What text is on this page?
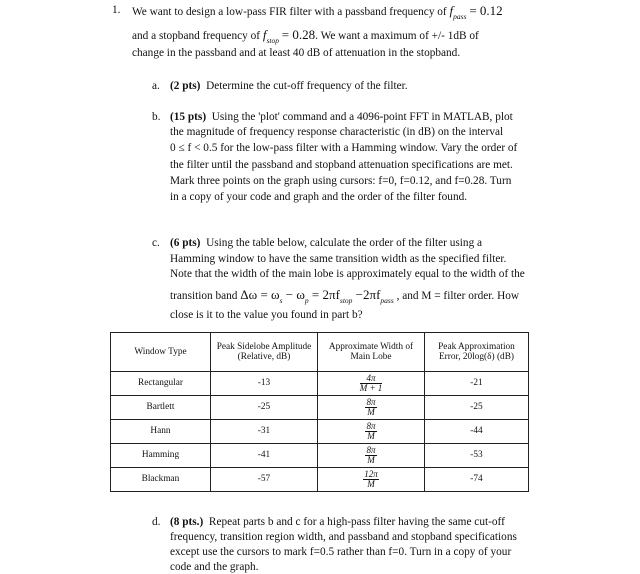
1. We want to design a low-pass FIR filter with a passband frequency of $f_{pass} = 0.12$
and a stopband frequency of $f_{stop} = 0.28$. We want a maximum of +/- 1dB of
change in the passband and at least 40 dB of attenuation in the stopband.
a. (2 pts) Determine the cut-off frequency of the filter.
b. (15 pts) Using the 'plot' command and a 4096-point FFT in MATLAB, plot
the magnitude of frequency response characteristic (in dB) on the interval
0 ≤ f < 0.5 for the low-pass filter with a Hamming window. Vary the order of
the filter until the passband and stopband attenuation specifications are met.
Mark three points on the graph using cursors: f=0, f=0.12, and f=0.28. Turn
in a copy of your code and graph and the order of the filter found.
c. (6 pts) Using the table below, calculate the order of the filter using a
Hamming window to have the same transition width as the specified filter.
Note that the width of the main lobe is approximately equal to the width of the
transition band $\Delta\omega = \omega_s - \omega_p = 2\pi f_{stop} -2\pi f_{pass}$ , and M = filter order. How
close is it to the value you found in part b?
Window Type	Peak Sidelobe Amplitude (Relative, dB)	Approximate Width of Main Lobe	Peak Approximation Error, 20log(δ) (dB)
Rectangular	-13	$\frac{4\pi}{M + 1}$	-21
Bartlett	-25	$\frac{8\pi}{M}$	-25
Hann	-31	$\frac{8\pi}{M}$	-44
Hamming	-41	$\frac{8\pi}{M}$	-53
Blackman	-57	$\frac{12\pi}{M}$	-74
d. (8 pts.) Repeat parts b and c for a high-pass filter having the same cut-off
frequency, transition region width, and passband and stopband specifications
except use the cursors to mark f=0.5 rather than f=0. Turn in a copy of your
code and the graph.
